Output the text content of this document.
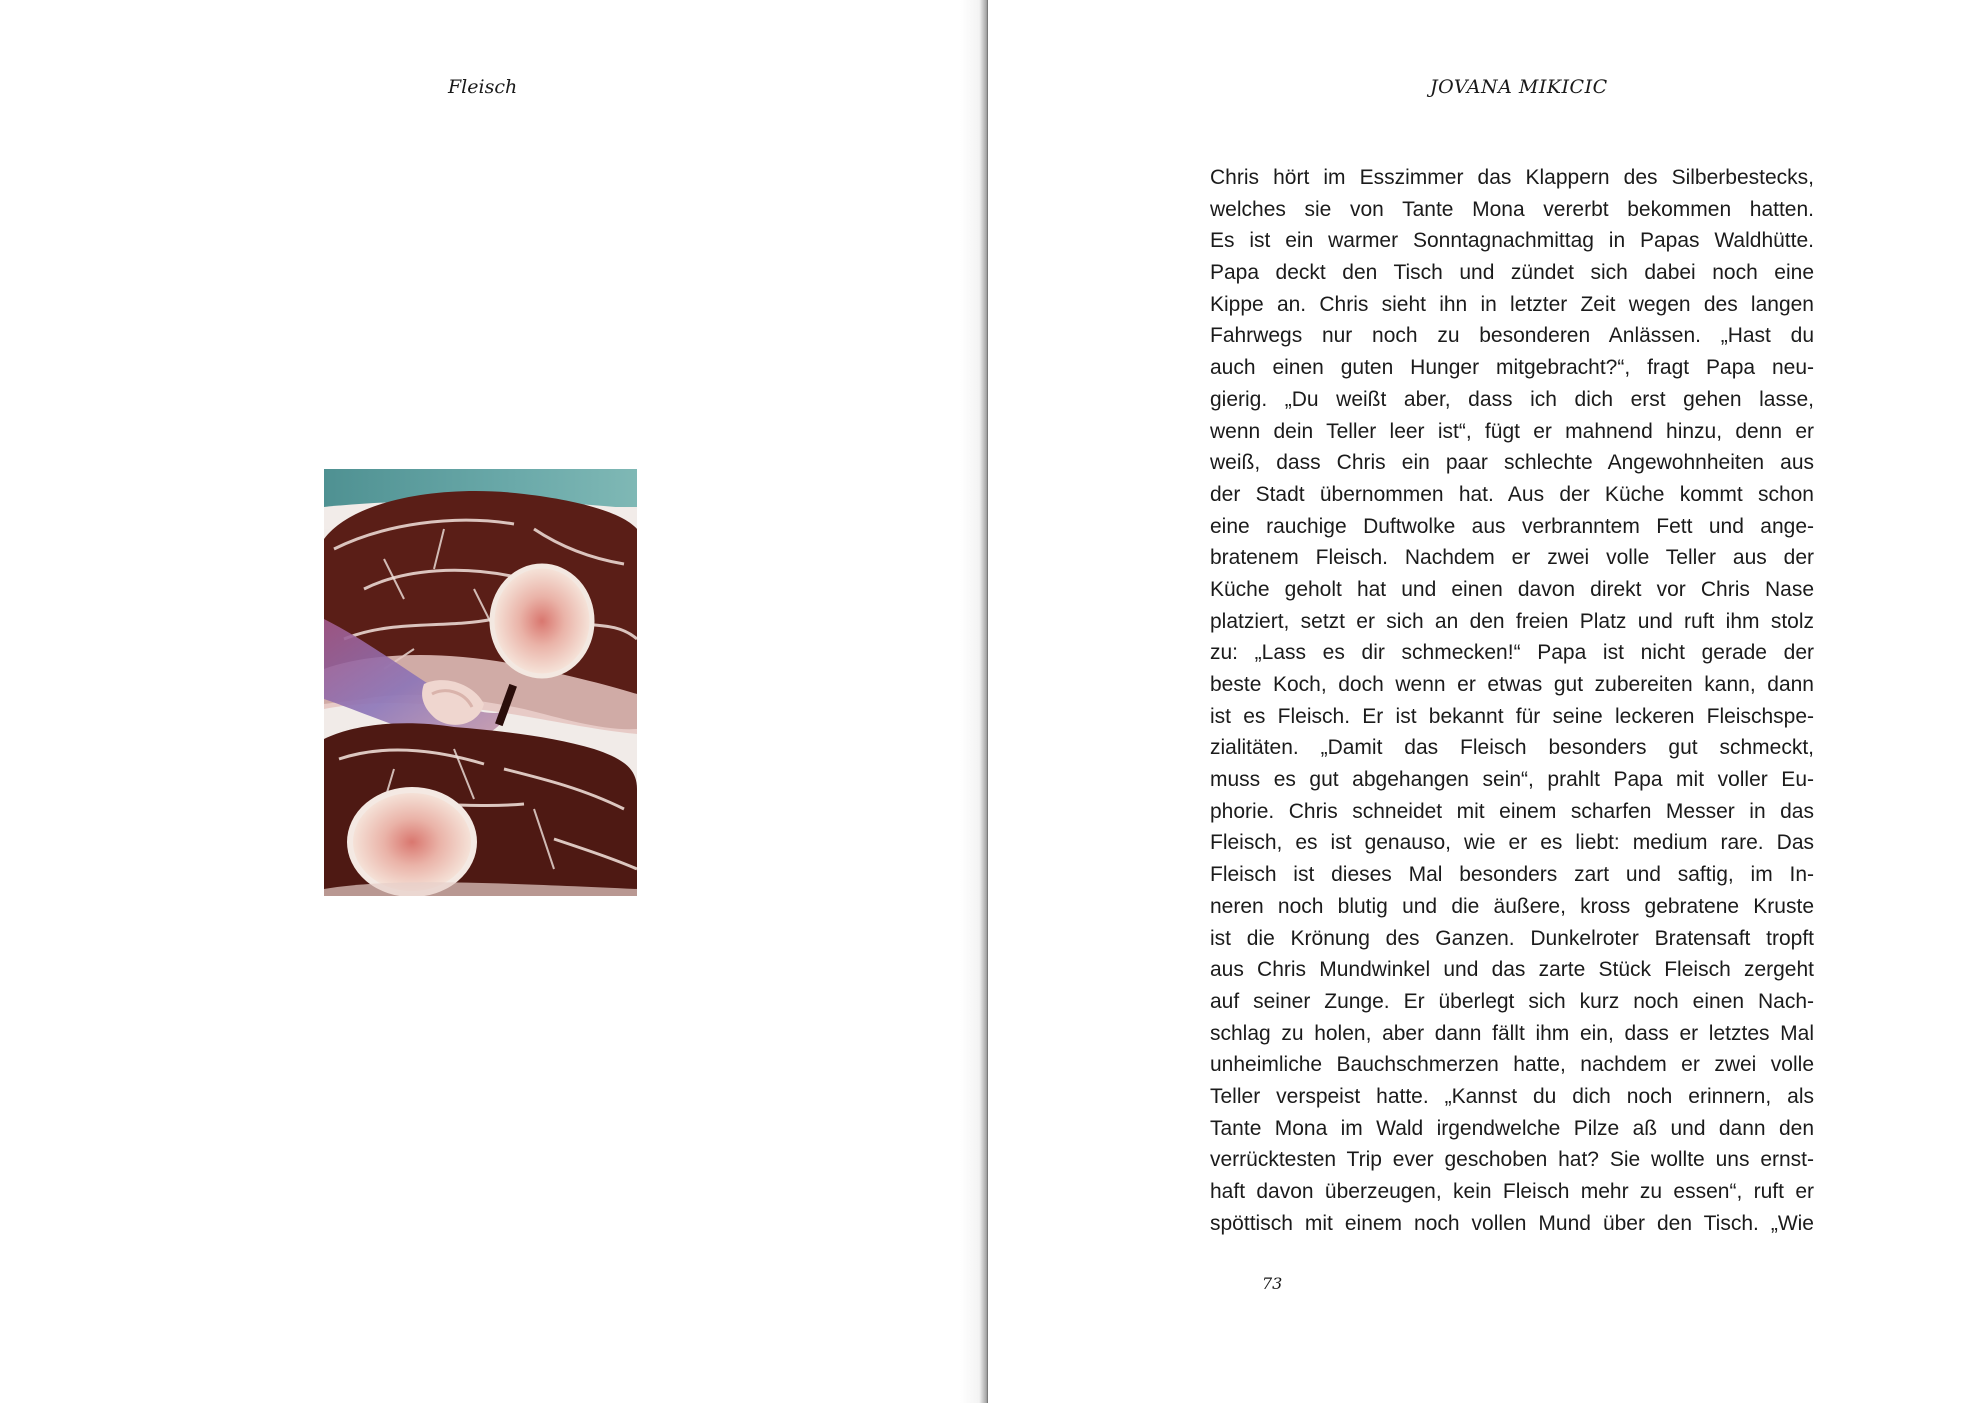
Fleisch	JOVANA MIKICIC
Chris hört im Esszimmer das Klappern des Silberbestecks,
welches sie von Tante Mona vererbt bekommen hatten.
Es ist ein warmer Sonntagnachmittag in Papas Waldhütte.
Papa deckt den Tisch und zündet sich dabei noch eine
Kippe an. Chris sieht ihn in letzter Zeit wegen des langen
Fahrwegs nur noch zu besonderen Anlässen. „Hast du
auch einen guten Hunger mitgebracht?“, fragt Papa neu-
gierig. „Du weißt aber, dass ich dich erst gehen lasse,
wenn dein Teller leer ist“, fügt er mahnend hinzu, denn er
weiß, dass Chris ein paar schlechte Angewohnheiten aus
der Stadt übernommen hat. Aus der Küche kommt schon
eine rauchige Duftwolke aus verbranntem Fett und ange-
bratenem Fleisch. Nachdem er zwei volle Teller aus der
Küche geholt hat und einen davon direkt vor Chris Nase
platziert, setzt er sich an den freien Platz und ruft ihm stolz
zu: „Lass es dir schmecken!“ Papa ist nicht gerade der
beste Koch, doch wenn er etwas gut zubereiten kann, dann
ist es Fleisch. Er ist bekannt für seine leckeren Fleischspe-
zialitäten. „Damit das Fleisch besonders gut schmeckt,
muss es gut abgehangen sein“, prahlt Papa mit voller Eu-
phorie. Chris schneidet mit einem scharfen Messer in das
Fleisch, es ist genauso, wie er es liebt: medium rare. Das
Fleisch ist dieses Mal besonders zart und saftig, im In-
neren noch blutig und die äußere, kross gebratene Kruste
ist die Krönung des Ganzen. Dunkelroter Bratensaft tropft
aus Chris Mundwinkel und das zarte Stück Fleisch zergeht
auf seiner Zunge. Er überlegt sich kurz noch einen Nach-
schlag zu holen, aber dann fällt ihm ein, dass er letztes Mal
unheimliche Bauchschmerzen hatte, nachdem er zwei volle
Teller verspeist hatte. „Kannst du dich noch erinnern, als
Tante Mona im Wald irgendwelche Pilze aß und dann den
verrücktesten Trip ever geschoben hat? Sie wollte uns ernst-
haft davon überzeugen, kein Fleisch mehr zu essen“, ruft er
spöttisch mit einem noch vollen Mund über den Tisch. „Wie
73
